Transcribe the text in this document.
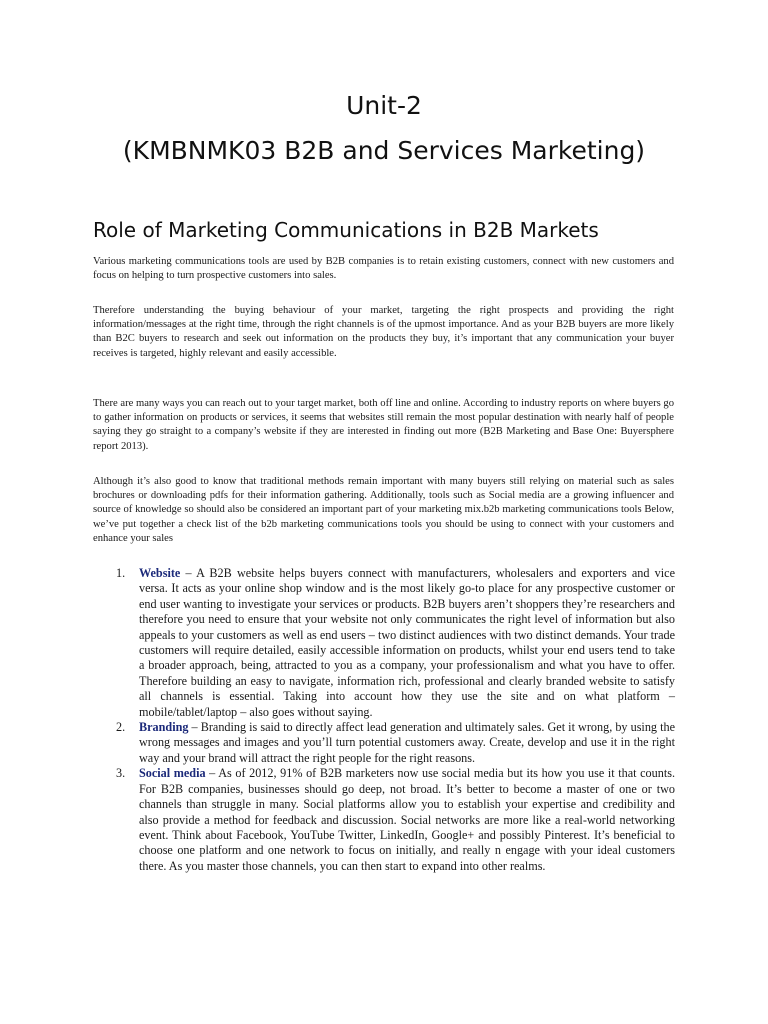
Unit-2
(KMBNMK03 B2B and Services Marketing)
Role of Marketing Communications in B2B Markets

Various marketing communications tools are used by B2B companies is to retain existing customers, connect with new customers and focus on helping to turn prospective customers into sales.

Therefore understanding the buying behaviour of your market, targeting the right prospects and providing the right information/messages at the right time, through the right channels is of the upmost importance. And as your B2B buyers are more likely than B2C buyers to research and seek out information on the products they buy, it’s important that any communication your buyer receives is targeted, highly relevant and easily accessible.

There are many ways you can reach out to your target market, both off line and online. According to industry reports on where buyers go to gather information on products or services, it seems that websites still remain the most popular destination with nearly half of people saying they go straight to a company’s website if they are interested in finding out more (B2B Marketing and Base One: Buyersphere report 2013).

Although it’s also good to know that traditional methods remain important with many buyers still relying on material such as sales brochures or downloading pdfs for their information gathering. Additionally, tools such as Social media are a growing influencer and source of knowledge so should also be considered an important part of your marketing mix.b2b marketing communications tools Below, we’ve put together a check list of the b2b marketing communications tools you should be using to connect with your customers and enhance your sales

1. Website – A B2B website helps buyers connect with manufacturers, wholesalers and exporters and vice versa. It acts as your online shop window and is the most likely go-to place for any prospective customer or end user wanting to investigate your services or products. B2B buyers aren’t shoppers they’re researchers and therefore you need to ensure that your website not only communicates the right level of information but also appeals to your customers as well as end users – two distinct audiences with two distinct demands. Your trade customers will require detailed, easily accessible information on products, whilst your end users tend to take a broader approach, being, attracted to you as a company, your professionalism and what you have to offer. Therefore building an easy to navigate, information rich, professional and clearly branded website to satisfy all channels is essential. Taking into account how they use the site and on what platform – mobile/tablet/laptop – also goes without saying.
2. Branding – Branding is said to directly affect lead generation and ultimately sales. Get it wrong, by using the wrong messages and images and you’ll turn potential customers away. Create, develop and use it in the right way and your brand will attract the right people for the right reasons.
3. Social media – As of 2012, 91% of B2B marketers now use social media but its how you use it that counts. For B2B companies, businesses should go deep, not broad. It’s better to become a master of one or two channels than struggle in many. Social platforms allow you to establish your expertise and credibility and also provide a method for feedback and discussion. Social networks are more like a real-world networking event. Think about Facebook, YouTube Twitter, LinkedIn, Google+ and possibly Pinterest. It’s beneficial to choose one platform and one network to focus on initially, and really n engage with your ideal customers there. As you master those channels, you can then start to expand into other realms.
